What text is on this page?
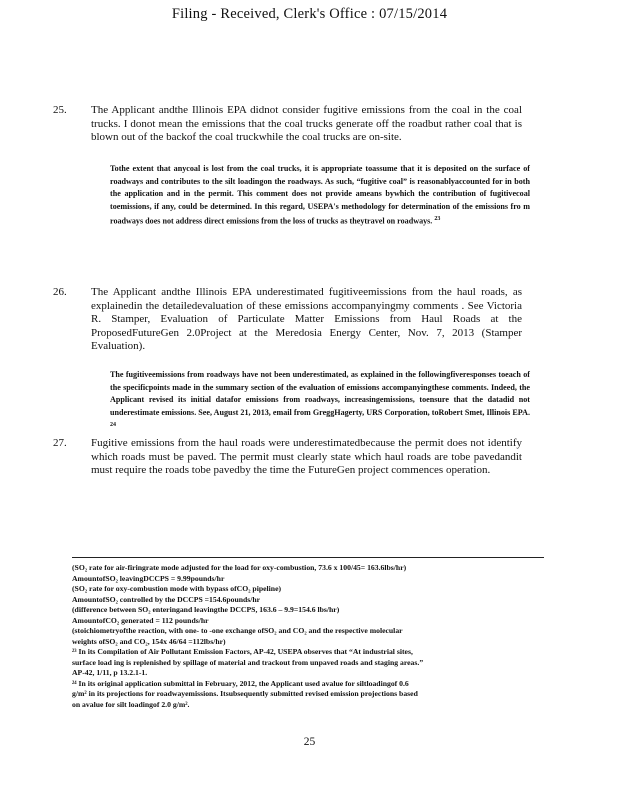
Filing - Received, Clerk's Office : 07/15/2014
25. The Applicant andthe Illinois EPA didnot consider fugitive emissions from the coal in the coal trucks. I donot mean the emissions that the coal trucks generate off the roadbut rather coal that is blown out of the backof the coal truckwhile the coal trucks are on-site.
Tothe extent that anycoal is lost from the coal trucks, it is appropriate toassume that it is deposited on the surface of roadways and contributes to the silt loadingon the roadways. As such, “fugitive coal” is reasonablyaccounted for in both the application and in the permit. This comment does not provide ameans bywhich the contribution of fugitivecoal toemissions, if any, could be determined. In this regard, USEPA's methodology for determination of the emissions fro m roadways does not address direct emissions from the loss of trucks as theytravel on roadways. $^{23}$
26. The Applicant andthe Illinois EPA underestimated fugitiveemissions from the haul roads, as explainedin the detailedevaluation of these emissions accompanyingmy comments . See Victoria R. Stamper, Evaluation of Particulate Matter Emissions from Haul Roads at the ProposedFutureGen 2.0Project at the Meredosia Energy Center, Nov. 7, 2013 (Stamper Evaluation).
The fugitiveemissions from roadways have not been underestimated, as explained in the followingfiveresponses toeach of the specificpoints made in the summary section of the evaluation of emissions accompanyingthese comments. Indeed, the Applicant revised its initial datafor emissions from roadways, increasingemissions, toensure that the datadid not underestimate emissions. See, August 21, 2013, email from GreggHagerty, URS Corporation, toRobert Smet, Illinois EPA. $^{24}$
27. Fugitive emissions from the haul roads were underestimatedbecause the permit does not identify which roads must be paved. The permit must clearly state which haul roads are tobe pavedandit must require the roads tobe pavedby the time the FutureGen project commences operation.
(SO₂ rate for air-firingrate mode adjusted for the load for oxy-combustion, 73.6 x 100/45= 163.6lbs/hr)
AmountofSO₂ leavingDCCPS = 9.99pounds/hr
(SO₂ rate for oxy-combustion mode with bypass ofCO₂ pipeline)
AmountofSO₂ controlled by the DCCPS =154.6pounds/hr
(difference between SO₂ enteringand leavingthe DCCPS, 163.6 – 9.9=154.6 lbs/hr)
AmountofCO₂ generated = 112 pounds/hr
(stoichiometryofthe reaction, with one- to -one exchange ofSO₂ and CO₂ and the respective molecular
weights ofSO₂ and CO₂, 154x 46/64 =112lbs/hr)
²³ In its Compilation of Air Pollutant Emission Factors, AP-42, USEPA observes that “At industrial sites,
surface load ing is replenished by spillage of material and trackout from unpaved roads and staging areas.”
AP-42, 1/11, p 13.2.1-1.
²⁴ In its original application submittal in February, 2012, the Applicant used avalue for siltloadingof 0.6
g/m² in its projections for roadwayemissions. Itsubsequently submitted revised emission projections based
on avalue for silt loadingof 2.0 g/m².
25
